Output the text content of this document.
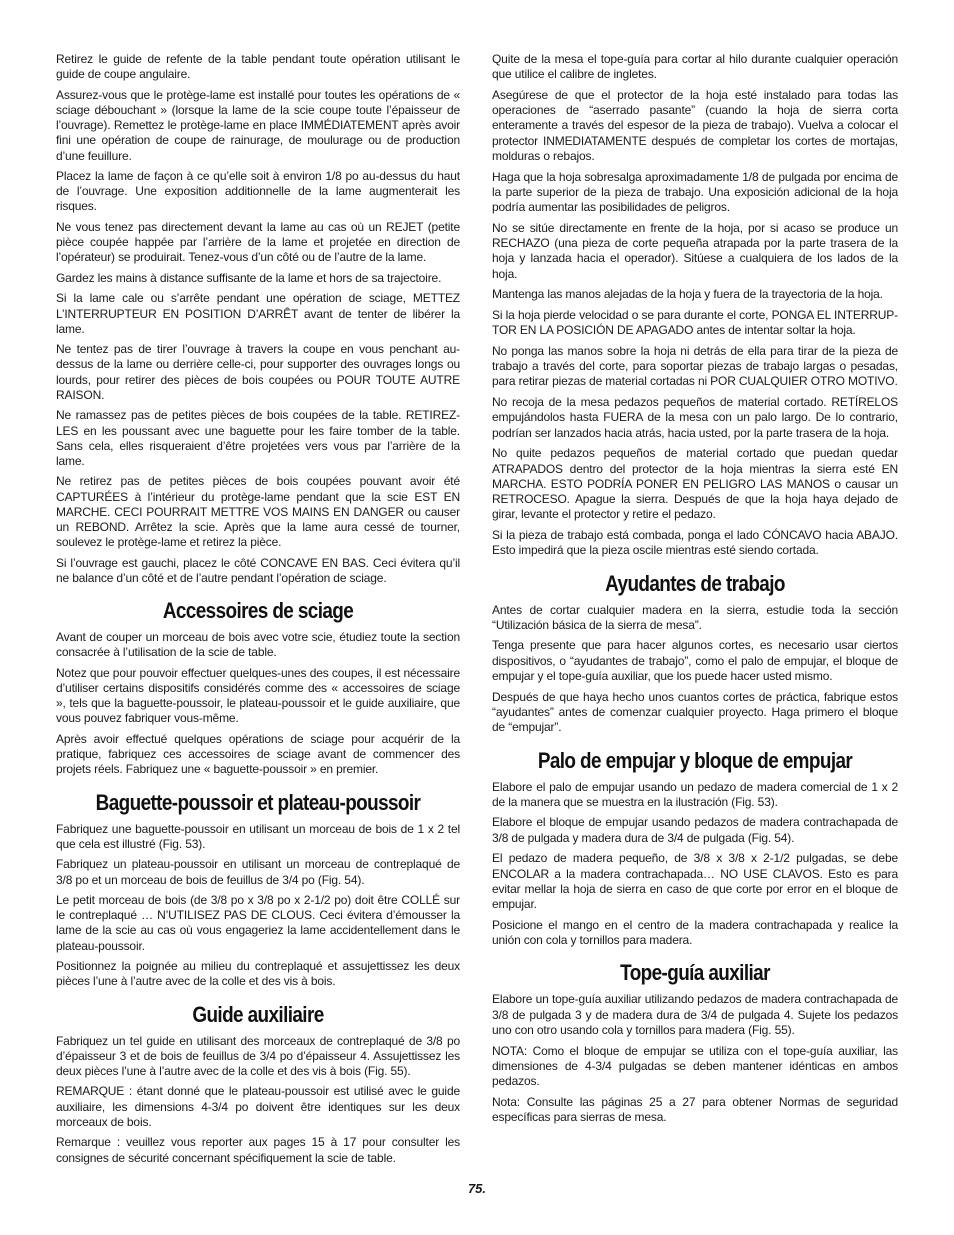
Retirez le guide de refente de la table pendant toute opération utilisant le guide de coupe angulaire.

Assurez-vous que le protège-lame est installé pour toutes les opérations de « sciage débouchant » (lorsque la lame de la scie coupe toute l’épaisseur de l’ouvrage). Remettez le protège-lame en place IMMÉDIATEMENT après avoir fini une opération de coupe de rainurage, de moulurage ou de production d’une feuillure.

Placez la lame de façon à ce qu’elle soit à environ 1/8 po au-dessus du haut de l’ouvrage. Une exposition additionnelle de la lame augmenterait les risques.

Ne vous tenez pas directement devant la lame au cas où un REJET (petite pièce coupée happée par l’arrière de la lame et projetée en direction de l’opérateur) se produirait. Tenez-vous d’un côté ou de l’autre de la lame.

Gardez les mains à distance suffisante de la lame et hors de sa trajectoire.

Si la lame cale ou s’arrête pendant une opération de sciage, METTEZ L’INTERRUPTEUR EN POSITION D’ARRÊT avant de tenter de libérer la lame.

Ne tentez pas de tirer l’ouvrage à travers la coupe en vous penchant au-dessus de la lame ou derrière celle-ci, pour supporter des ouvrages longs ou lourds, pour retirer des pièces de bois coupées ou POUR TOUTE AUTRE RAISON.

Ne ramassez pas de petites pièces de bois coupées de la table. RETIREZ-LES en les poussant avec une baguette pour les faire tomber de la table. Sans cela, elles risqueraient d’être projetées vers vous par l’arrière de la lame.

Ne retirez pas de petites pièces de bois coupées pouvant avoir été CAPTURÉES à l’intérieur du protège-lame pendant que la scie EST EN MARCHE. CECI POURRAIT METTRE VOS MAINS EN DANGER ou causer un REBOND. Arrêtez la scie. Après que la lame aura cessé de tourner, soulevez le protège-lame et retirez la pièce.

Si l’ouvrage est gauchi, placez le côté CONCAVE EN BAS. Ceci évitera qu’il ne balance d’un côté et de l’autre pendant l’opération de sciage.

Accessoires de sciage

Avant de couper un morceau de bois avec votre scie, étudiez toute la section consacrée à l’utilisation de la scie de table.

Notez que pour pouvoir effectuer quelques-unes des coupes, il est nécessaire d’utiliser certains dispositifs considérés comme des « accessoires de sciage », tels que la baguette-poussoir, le plateau-poussoir et le guide auxiliaire, que vous pouvez fabriquer vous-même.

Après avoir effectué quelques opérations de sciage pour acquérir de la pratique, fabriquez ces accessoires de sciage avant de commencer des projets réels. Fabriquez une « baguette-poussoir » en premier.

Baguette-poussoir et plateau-poussoir

Fabriquez une baguette-poussoir en utilisant un morceau de bois de 1 x 2 tel que cela est illustré (Fig. 53).

Fabriquez un plateau-poussoir en utilisant un morceau de contreplaqué de 3/8 po et un morceau de bois de feuillus de 3/4 po (Fig. 54).

Le petit morceau de bois (de 3/8 po x 3/8 po x 2-1/2 po) doit être COLLÉ sur le contreplaqué … N’UTILISEZ PAS DE CLOUS. Ceci évitera d’émousser la lame de la scie au cas où vous engageriez la lame accidentellement dans le plateau-poussoir.

Positionnez la poignée au milieu du contreplaqué et assujettissez les deux pièces l’une à l’autre avec de la colle et des vis à bois.

Guide auxiliaire

Fabriquez un tel guide en utilisant des morceaux de contreplaqué de 3/8 po d’épaisseur 3 et de bois de feuillus de 3/4 po d’épaisseur 4. Assujettissez les deux pièces l’une à l’autre avec de la colle et des vis à bois (Fig. 55).

REMARQUE : étant donné que le plateau-poussoir est utilisé avec le guide auxiliaire, les dimensions 4-3/4 po doivent être identiques sur les deux morceaux de bois.

Remarque : veuillez vous reporter aux pages 15 à 17 pour consulter les consignes de sécurité concernant spécifiquement la scie de table.

Quite de la mesa el tope-guía para cortar al hilo durante cualquier operación que utilice el calibre de ingletes.

Asegúrese de que el protector de la hoja esté instalado para todas las operaciones de “aserrado pasante” (cuando la hoja de sierra corta enteramente a través del espesor de la pieza de trabajo). Vuelva a colocar el protector INMEDIATAMENTE después de completar los cortes de mortajas, molduras o rebajos.

Haga que la hoja sobresalga aproximadamente 1/8 de pulgada por encima de la parte superior de la pieza de trabajo. Una exposición adicional de la hoja podría aumentar las posibilidades de peligros.

No se sitúe directamente en frente de la hoja, por si acaso se produce un RECHAZO (una pieza de corte pequeña atrapada por la parte trasera de la hoja y lanzada hacia el operador). Sitúese a cualquiera de los lados de la hoja.

Mantenga las manos alejadas de la hoja y fuera de la trayectoria de la hoja.

Si la hoja pierde velocidad o se para durante el corte, PONGA EL INTERRUP-TOR EN LA POSICIÓN DE APAGADO antes de intentar soltar la hoja.

No ponga las manos sobre la hoja ni detrás de ella para tirar de la pieza de trabajo a través del corte, para soportar piezas de trabajo largas o pesadas, para retirar piezas de material cortadas ni POR CUALQUIER OTRO MOTIVO.

No recoja de la mesa pedazos pequeños de material cortado. RETÍRELOS empujándolos hasta FUERA de la mesa con un palo largo. De lo contrario, podrían ser lanzados hacia atrás, hacia usted, por la parte trasera de la hoja.

No quite pedazos pequeños de material cortado que puedan quedar ATRAPADOS dentro del protector de la hoja mientras la sierra esté EN MARCHA. ESTO PODRÍA PONER EN PELIGRO LAS MANOS o causar un RETROCESO. Apague la sierra. Después de que la hoja haya dejado de girar, levante el protector y retire el pedazo.

Si la pieza de trabajo está combada, ponga el lado CÓNCAVO hacia ABAJO. Esto impedirá que la pieza oscile mientras esté siendo cortada.

Ayudantes de trabajo

Antes de cortar cualquier madera en la sierra, estudie toda la sección “Utilización básica de la sierra de mesa”.

Tenga presente que para hacer algunos cortes, es necesario usar ciertos dispositivos, o “ayudantes de trabajo”, como el palo de empujar, el bloque de empujar y el tope-guía auxiliar, que los puede hacer usted mismo.

Después de que haya hecho unos cuantos cortes de práctica, fabrique estos “ayudantes” antes de comenzar cualquier proyecto. Haga primero el bloque de “empujar”.

Palo de empujar y bloque de empujar

Elabore el palo de empujar usando un pedazo de madera comercial de 1 x 2 de la manera que se muestra en la ilustración (Fig. 53).

Elabore el bloque de empujar usando pedazos de madera contrachapada de 3/8 de pulgada y madera dura de 3/4 de pulgada (Fig. 54).

El pedazo de madera pequeño, de 3/8 x 3/8 x 2-1/2 pulgadas, se debe ENCOLAR a la madera contrachapada… NO USE CLAVOS. Esto es para evitar mellar la hoja de sierra en caso de que corte por error en el bloque de empujar.

Posicione el mango en el centro de la madera contrachapada y realice la unión con cola y tornillos para madera.

Tope-guía auxiliar

Elabore un tope-guía auxiliar utilizando pedazos de madera contrachapada de 3/8 de pulgada 3 y de madera dura de 3/4 de pulgada 4. Sujete los pedazos uno con otro usando cola y tornillos para madera (Fig. 55).

NOTA: Como el bloque de empujar se utiliza con el tope-guía auxiliar, las dimensiones de 4-3/4 pulgadas se deben mantener idénticas en ambos pedazos.

Nota: Consulte las páginas 25 a 27 para obtener Normas de seguridad específicas para sierras de mesa.

75.
